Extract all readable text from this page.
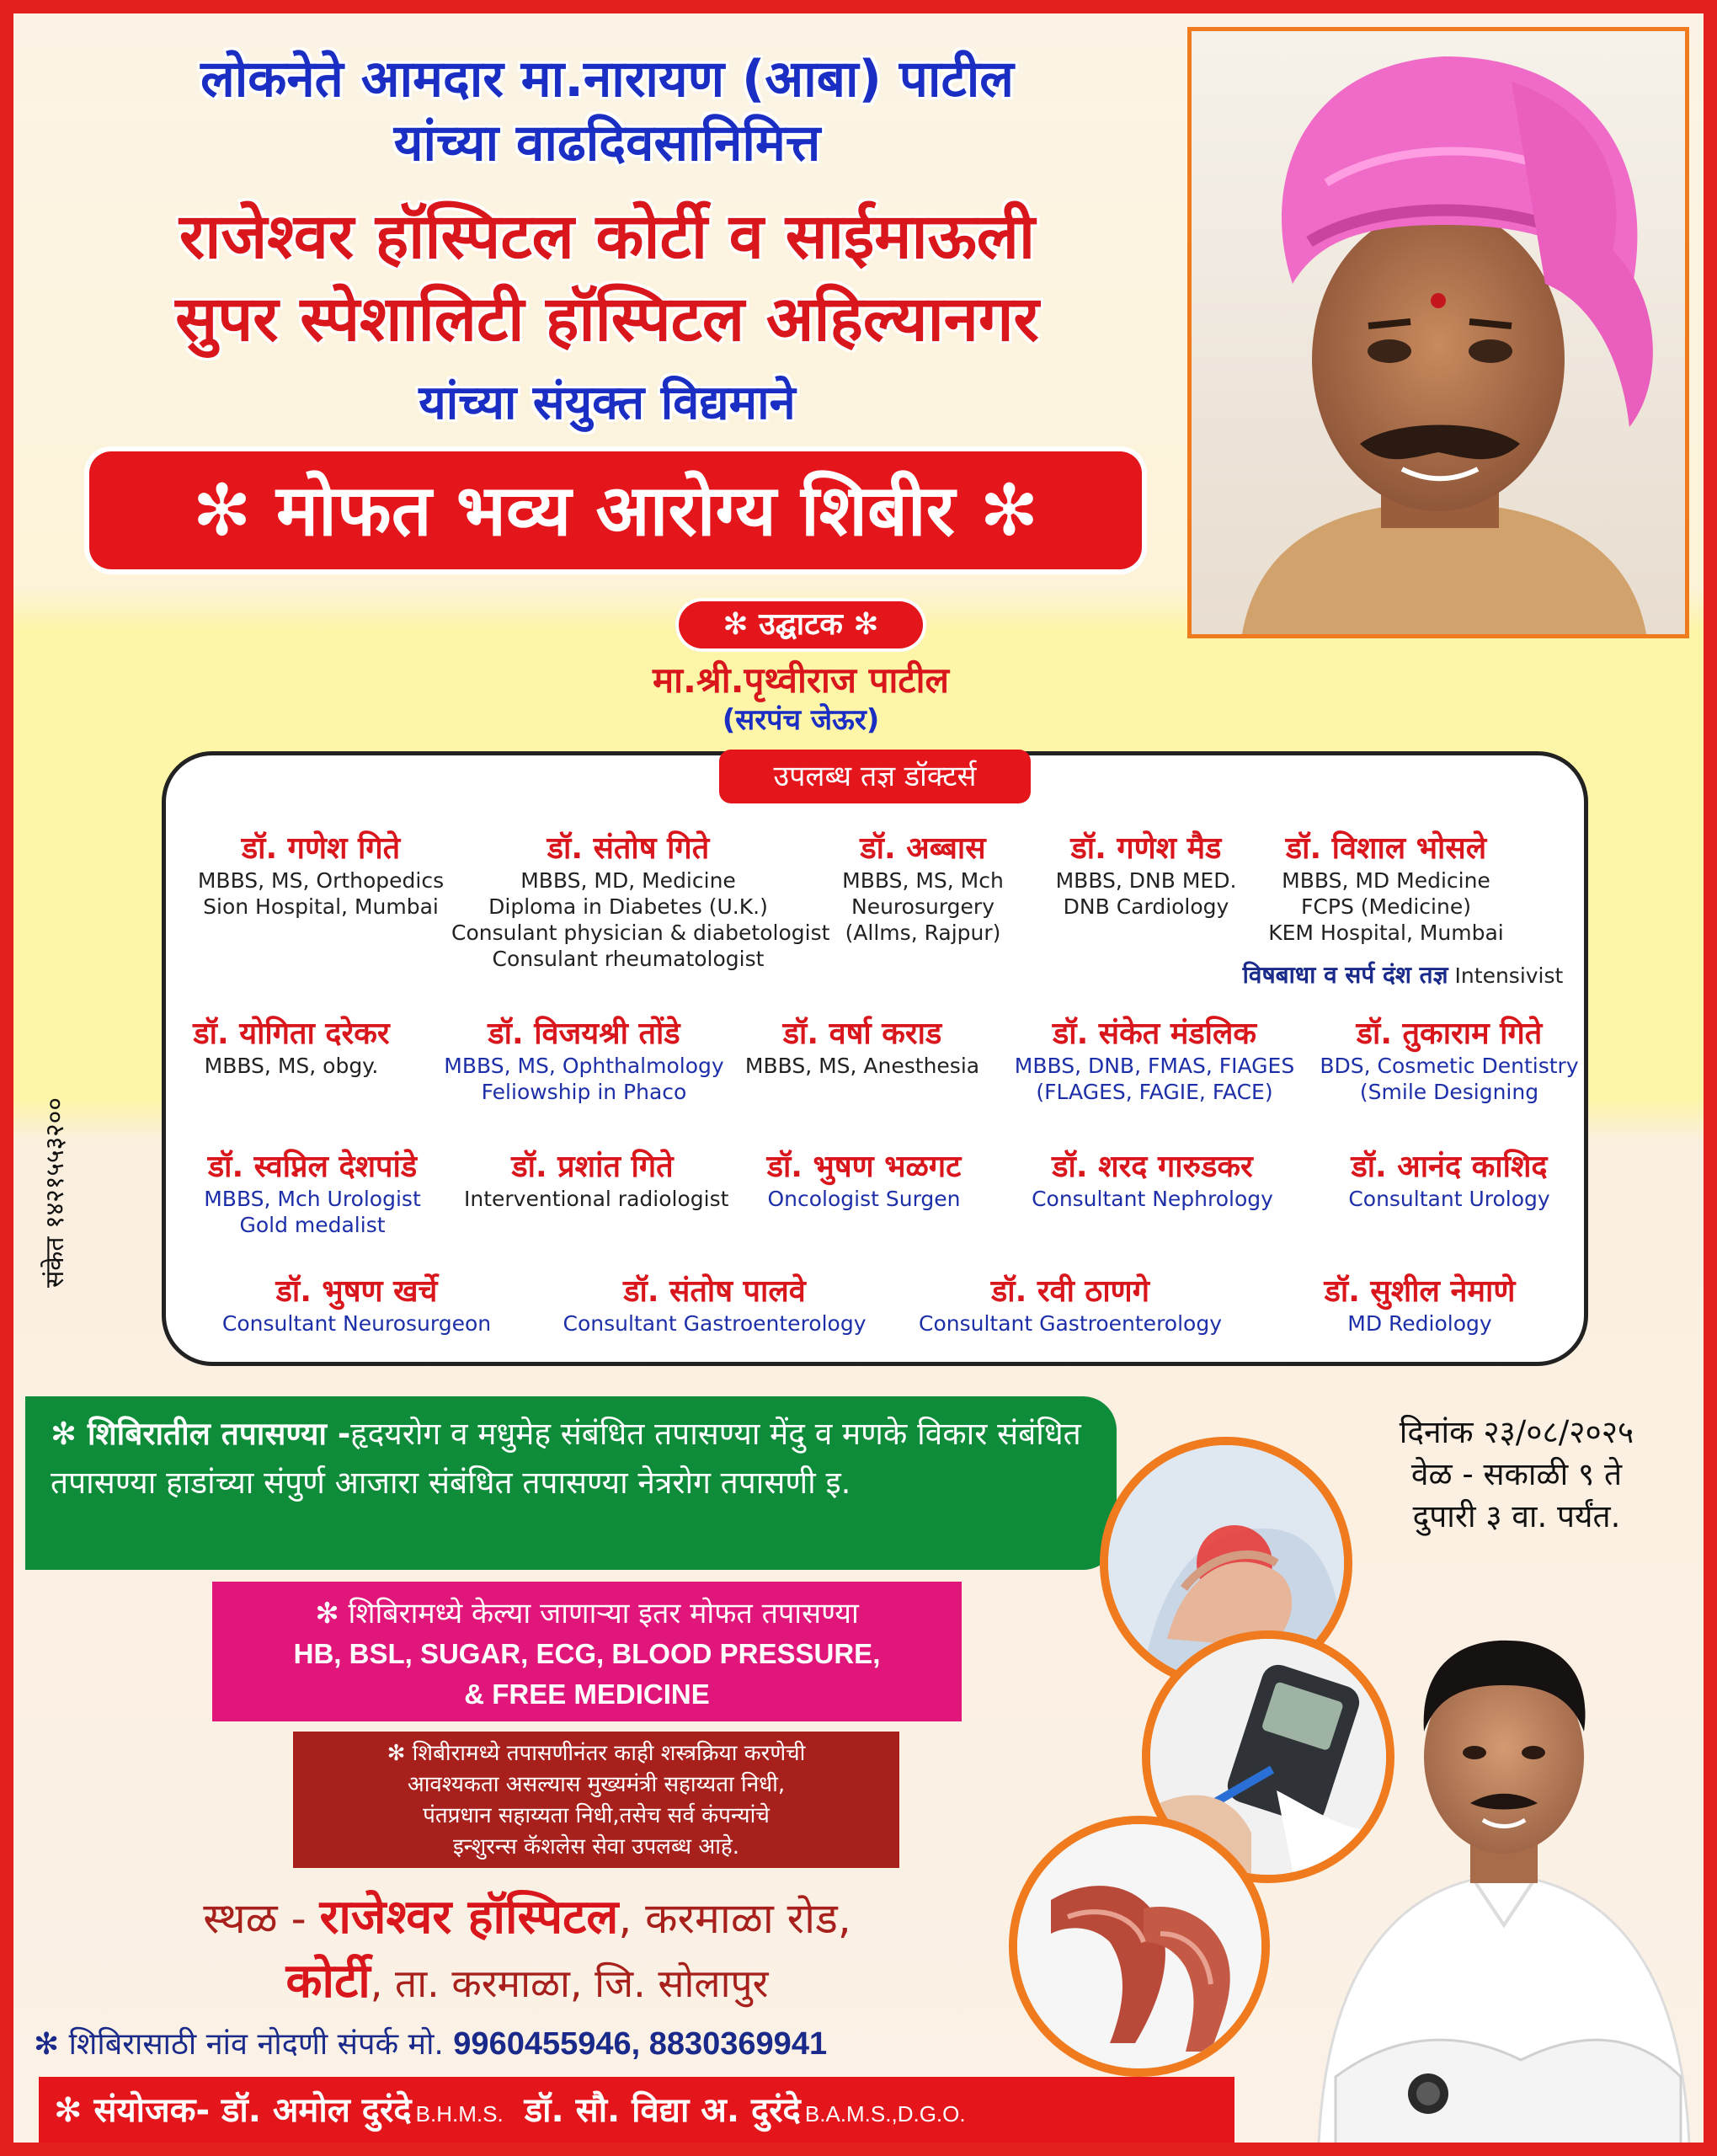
लोकनेते आमदार मा.नारायण (आबा) पाटील
यांच्या वाढदिवसानिमित्त
राजेश्वर हॉस्पिटल कोर्टी व साईमाऊली
सुपर स्पेशालिटी हॉस्पिटल अहिल्यानगर
यांच्या संयुक्त विद्यमाने
✻ मोफत भव्य आरोग्य शिबीर ✻
✻ उद्घाटक ✻
मा.श्री.पृथ्वीराज पाटील
(सरपंच जेऊर)
उपलब्ध तज्ञ डॉक्टर्स
डॉ. गणेश गिते
MBBS, MS, Orthopedics
Sion Hospital, Mumbai
डॉ. संतोष गिते
MBBS, MD, Medicine
Diploma in Diabetes (U.K.)
Consulant physician & diabetologist
Consulant rheumatologist
डॉ. अब्बास
MBBS, MS, Mch
Neurosurgery
(Allms, Rajpur)
डॉ. गणेश मैड
MBBS, DNB MED.
DNB Cardiology
डॉ. विशाल भोसले
MBBS, MD Medicine
FCPS (Medicine)
KEM Hospital, Mumbai
विषबाधा व सर्प दंश तज्ञ Intensivist
डॉ. योगिता दरेकर
MBBS, MS, obgy.
डॉ. विजयश्री तोंडे
MBBS, MS, Ophthalmology
Feliowship in Phaco
डॉ. वर्षा कराड
MBBS, MS, Anesthesia
डॉ. संकेत मंडलिक
MBBS, DNB, FMAS, FIAGES
(FLAGES, FAGIE, FACE)
डॉ. तुकाराम गिते
BDS, Cosmetic Dentistry
(Smile Designing
डॉ. स्वप्निल देशपांडे
MBBS, Mch Urologist
Gold medalist
डॉ. प्रशांत गिते
Interventional radiologist
डॉ. भुषण भळगट
Oncologist Surgen
डॉ. शरद गारुडकर
Consultant Nephrology
डॉ. आनंद काशिद
Consultant Urology
डॉ. भुषण खर्चे
Consultant Neurosurgeon
डॉ. संतोष पालवे
Consultant Gastroenterology
डॉ. रवी ठाणगे
Consultant Gastroenterology
डॉ. सुशील नेमाणे
MD Rediology
संकेत १४२१५५३२००
✻ शिबिरातील तपासण्या -हृदयरोग व मधुमेह संबंधित तपासण्या मेंदु व मणके विकार संबंधित तपासण्या हाडांच्या संपुर्ण आजारा संबंधित तपासण्या नेत्ररोग तपासणी इ.
दिनांक २३/०८/२०२५
वेळ - सकाळी ९ ते
दुपारी ३ वा. पर्यंत.
✻ शिबिरामध्ये केल्या जाणाऱ्या इतर मोफत तपासण्या
HB, BSL, SUGAR, ECG, BLOOD PRESSURE,
& FREE MEDICINE
✻ शिबीरामध्ये तपासणीनंतर काही शस्त्रक्रिया करणेची
आवश्यकता असल्यास मुख्यमंत्री सहाय्यता निधी,
पंतप्रधान सहाय्यता निधी,तसेच सर्व कंपन्यांचे
इन्शुरन्स कॅशलेस सेवा उपलब्ध आहे.
स्थळ - राजेश्वर हॉस्पिटल, करमाळा रोड,
कोर्टी, ता. करमाळा, जि. सोलापुर
✻ शिबिरासाठी नांव नोदणी संपर्क मो. 9960455946, 8830369941
✻ संयोजक- डॉ. अमोल दुरंदे B.H.M.S. डॉ. सौ. विद्या अ. दुरंदे B.A.M.S.,D.G.O.
